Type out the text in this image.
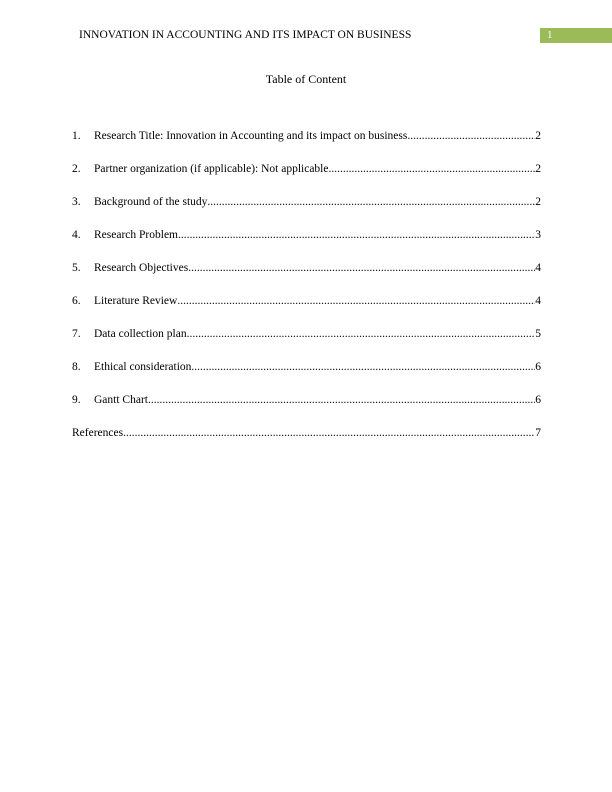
INNOVATION IN ACCOUNTING AND ITS IMPACT ON BUSINESS	1
Table of Content
1.	Research Title: Innovation in Accounting and its impact on business .....	2
2.	Partner organization (if applicable): Not applicable .....	2
3.	Background of the study .....	2
4.	Research Problem .....	3
5.	Research Objectives .....	4
6.	Literature Review .....	4
7.	Data collection plan .....	5
8.	Ethical consideration .....	6
9.	Gantt Chart .....	6
References .....	7
